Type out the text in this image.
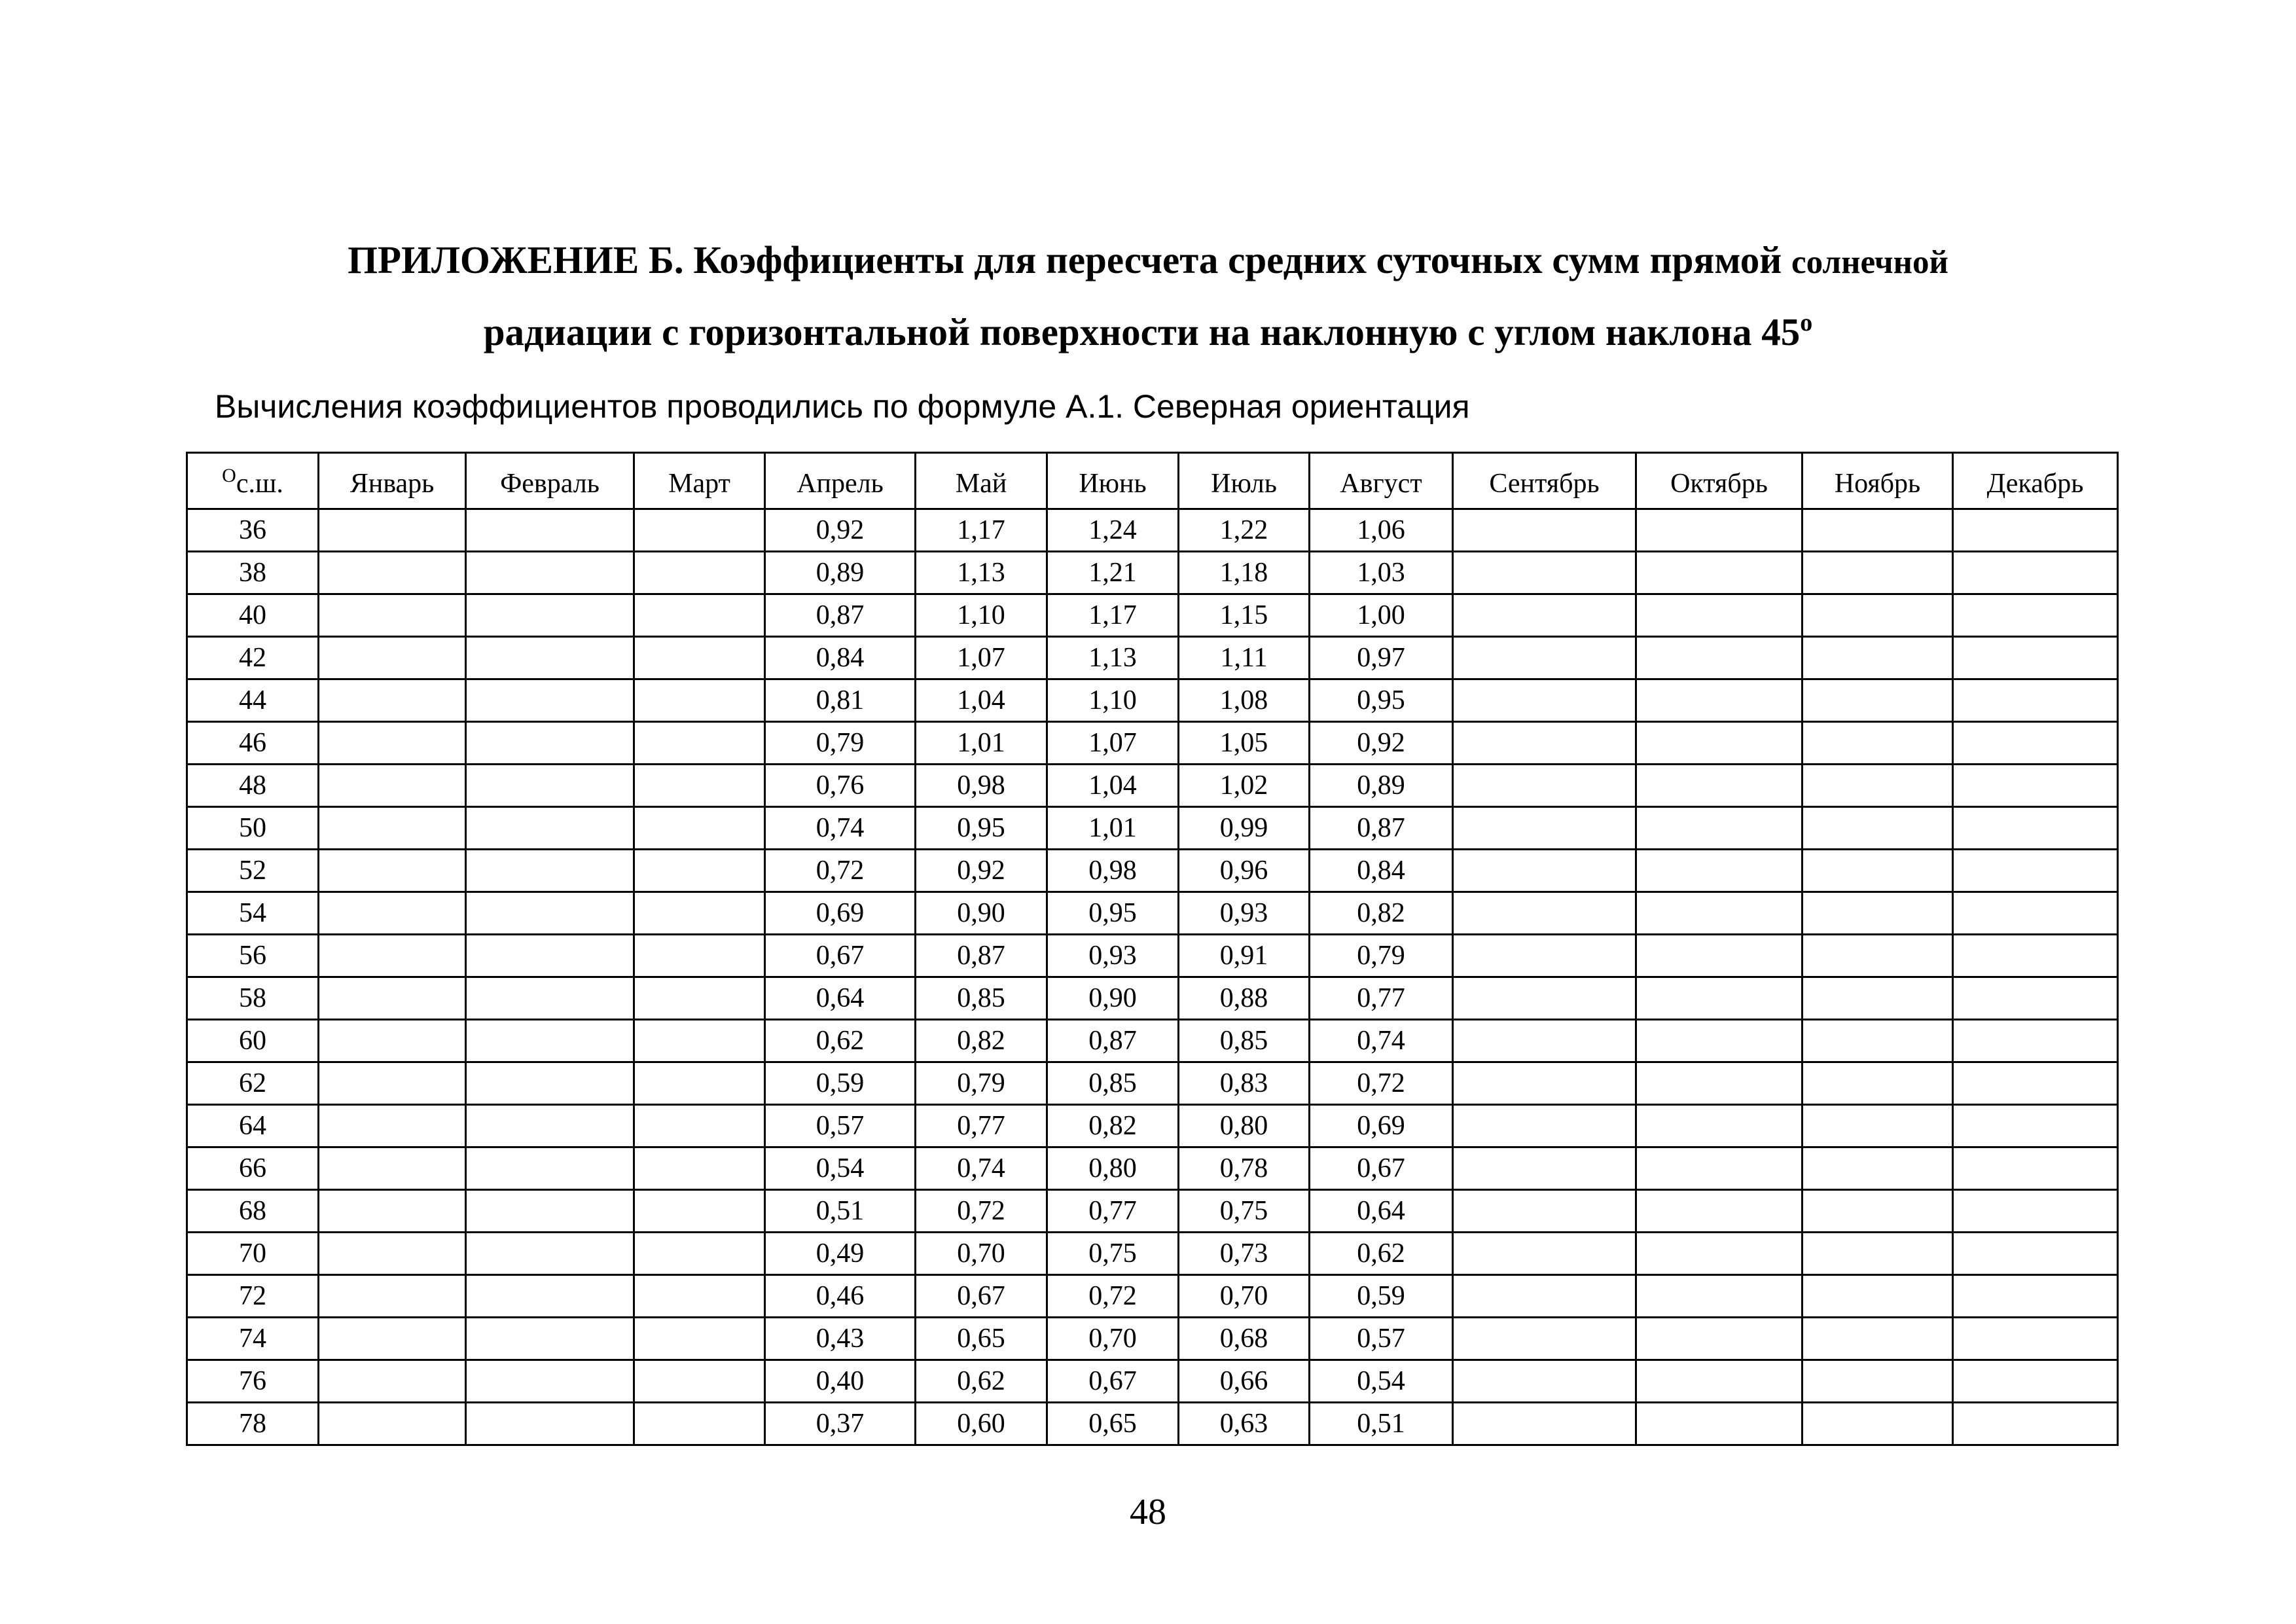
ПРИЛОЖЕНИЕ Б. Коэффициенты для пересчета средних суточных сумм прямой солнечной
радиации с горизонтальной поверхности на наклонную с углом наклона $45^о$
Вычисления коэффициентов проводились по формуле А.1. Северная ориентация
$^О$с.ш.	Январь	Февраль	Март	Апрель	Май	Июнь	Июль	Август	Сентябрь	Октябрь	Ноябрь	Декабрь
36				0,92	1,17	1,24	1,22	1,06				
38				0,89	1,13	1,21	1,18	1,03				
40				0,87	1,10	1,17	1,15	1,00				
42				0,84	1,07	1,13	1,11	0,97				
44				0,81	1,04	1,10	1,08	0,95				
46				0,79	1,01	1,07	1,05	0,92				
48				0,76	0,98	1,04	1,02	0,89				
50				0,74	0,95	1,01	0,99	0,87				
52				0,72	0,92	0,98	0,96	0,84				
54				0,69	0,90	0,95	0,93	0,82				
56				0,67	0,87	0,93	0,91	0,79				
58				0,64	0,85	0,90	0,88	0,77				
60				0,62	0,82	0,87	0,85	0,74				
62				0,59	0,79	0,85	0,83	0,72				
64				0,57	0,77	0,82	0,80	0,69				
66				0,54	0,74	0,80	0,78	0,67				
68				0,51	0,72	0,77	0,75	0,64				
70				0,49	0,70	0,75	0,73	0,62				
72				0,46	0,67	0,72	0,70	0,59				
74				0,43	0,65	0,70	0,68	0,57				
76				0,40	0,62	0,67	0,66	0,54				
78				0,37	0,60	0,65	0,63	0,51				
48
